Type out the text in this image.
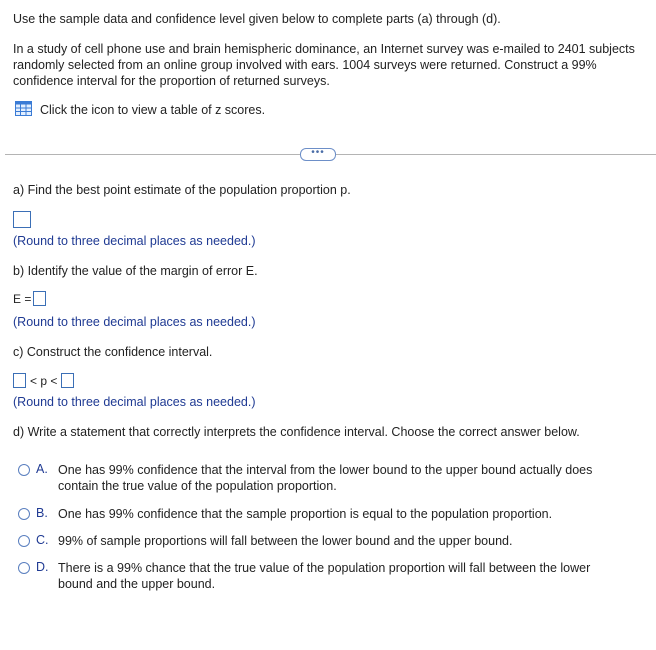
Use the sample data and confidence level given below to complete parts (a) through (d).

In a study of cell phone use and brain hemispheric dominance, an Internet survey was e-mailed to 2401 subjects randomly selected from an online group involved with ears. 1004 surveys were returned. Construct a 99% confidence interval for the proportion of returned surveys.

Click the icon to view a table of z scores.
•••

a) Find the best point estimate of the population proportion p.

(Round to three decimal places as needed.)

b) Identify the value of the margin of error E.

E =

(Round to three decimal places as needed.)

c) Construct the confidence interval.

< p <

(Round to three decimal places as needed.)

d) Write a statement that correctly interprets the confidence interval. Choose the correct answer below.

A. One has 99% confidence that the interval from the lower bound to the upper bound actually does contain the true value of the population proportion.
B. One has 99% confidence that the sample proportion is equal to the population proportion.
C. 99% of sample proportions will fall between the lower bound and the upper bound.
D. There is a 99% chance that the true value of the population proportion will fall between the lower bound and the upper bound.
